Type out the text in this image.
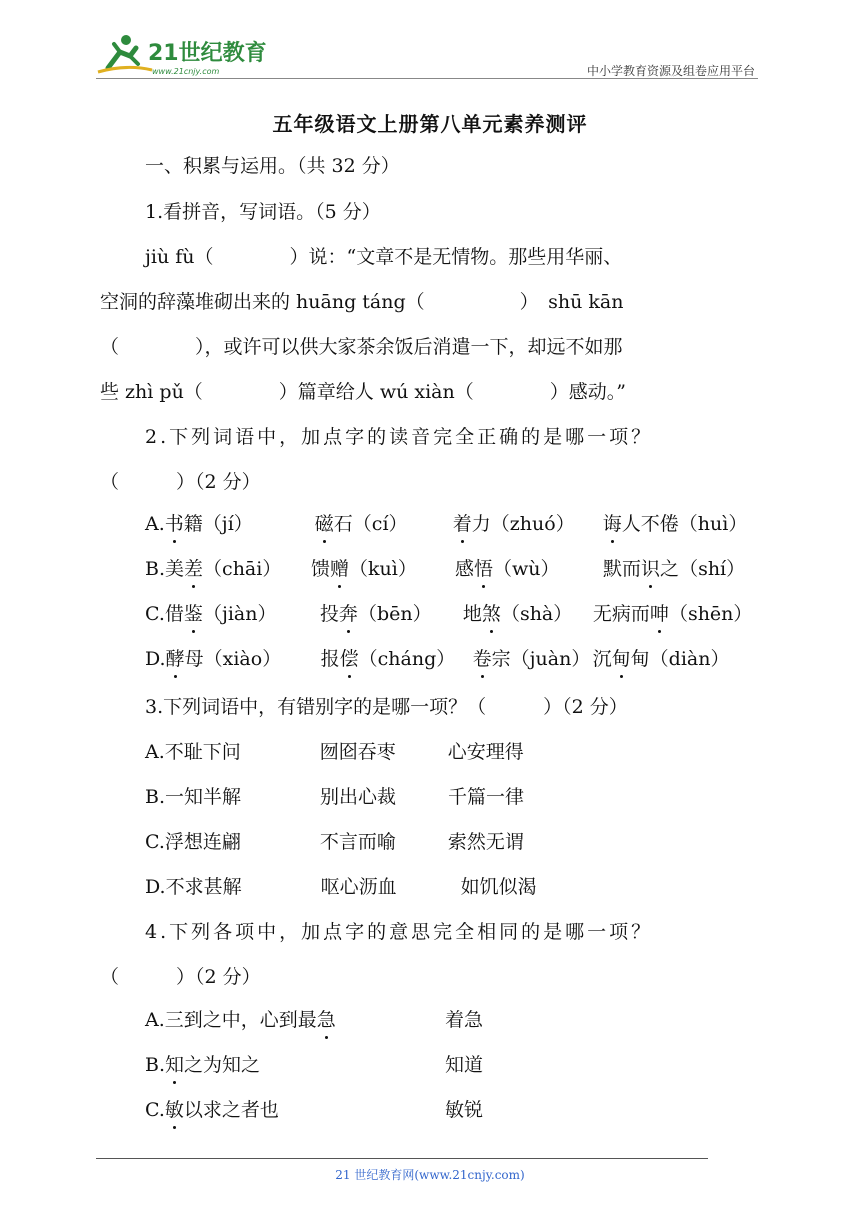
21世纪教育
www.21cnjy.com	中小学教育资源及组卷应用平台
五年级语文上册第八单元素养测评
一、积累与运用。（共 32 分）
1.看拼音，写词语。（5 分）
jiù fù（　　　　）说：“文章不是无情物。那些用华丽、
空洞的辞藻堆砌出来的 huāng táng（　　　　　）　shū kān
（　　　　），或许可以供大家茶余饭后消遣一下，却远不如那
些 zhì pǔ（　　　　）篇章给人 wú xiàn（　　　　）感动。”
2.下列词语中，加点字的读音完全正确的是哪一项？
（　　　）（2 分）
A.书籍（jí）	磁石（cí） 着力（zhuó） 诲人不倦（huì）
B.美差（chāi） 馈赠（kuì） 感悟（wù） 默而识之（shí）
C.借鉴（jiàn） 投奔（bēn） 地煞（shà） 无病而呻（shēn）
D.酵母（xiào） 报偿（cháng） 卷宗（juàn） 沉甸甸（diàn）
3.下列词语中，有错别字的是哪一项？（　　　）（2 分）
A.不耻下问	囫囵吞枣	心安理得
B.一知半解	别出心裁	千篇一律
C.浮想连翩	不言而喻	索然无谓
D.不求甚解	呕心沥血	如饥似渴
4.下列各项中，加点字的意思完全相同的是哪一项？
（　　　）（2 分）
A.三到之中，心到最急	着急
B.知之为知之	知道
C.敏以求之者也	敏锐
21 世纪教育网(www.21cnjy.com)
